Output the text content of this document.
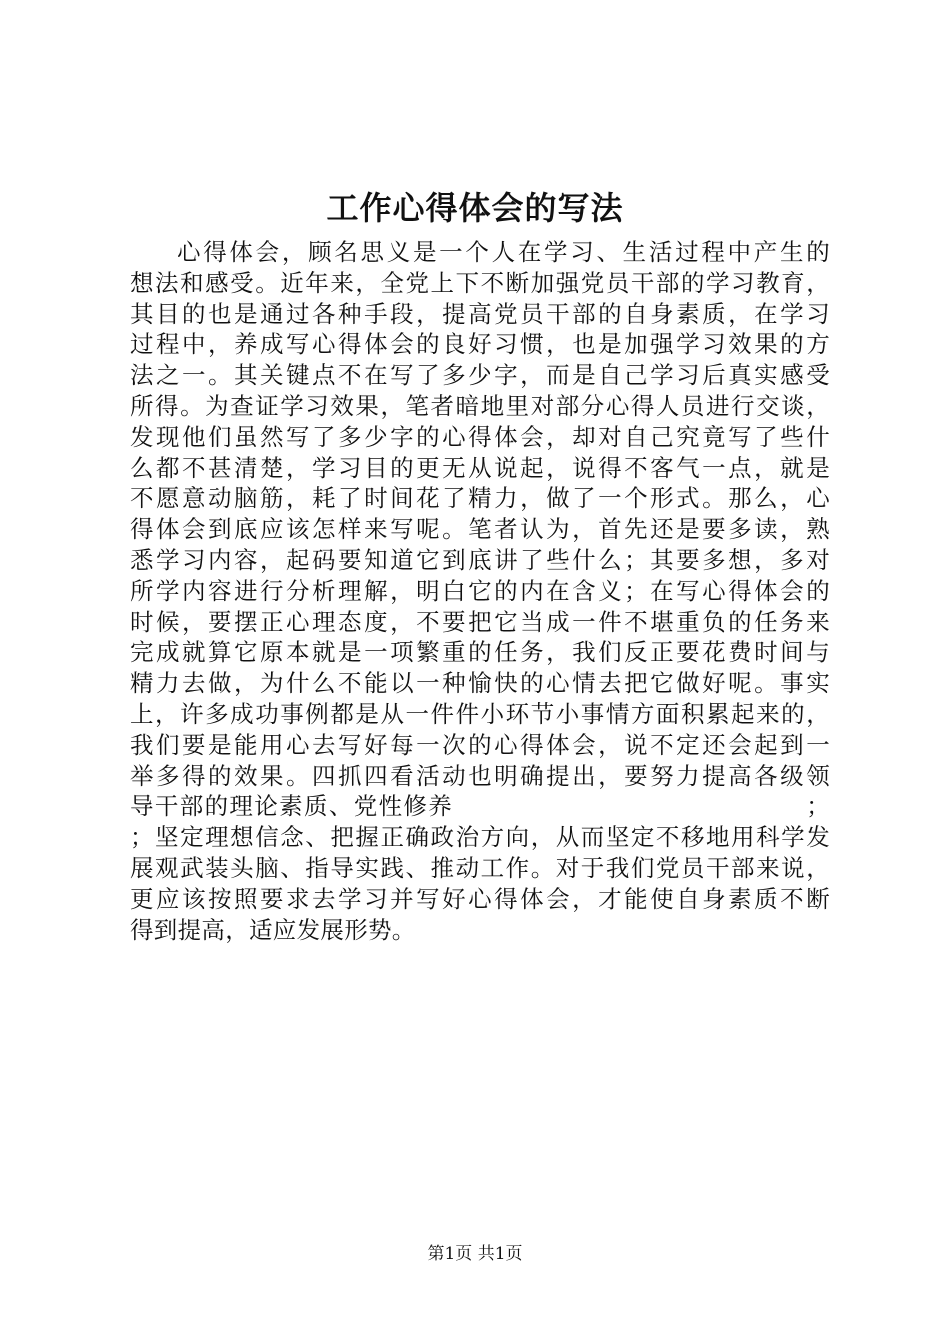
工作心得体会的写法
心得体会，顾名思义是一个人在学习、生活过程中产生的
想法和感受。近年来，全党上下不断加强党员干部的学习教育，
其目的也是通过各种手段，提高党员干部的自身素质，在学习
过程中，养成写心得体会的良好习惯，也是加强学习效果的方
法之一。其关键点不在写了多少字，而是自己学习后真实感受
所得。为查证学习效果，笔者暗地里对部分心得人员进行交谈，
发现他们虽然写了多少字的心得体会，却对自己究竟写了些什
么都不甚清楚，学习目的更无从说起，说得不客气一点，就是
不愿意动脑筋，耗了时间花了精力，做了一个形式。那么，心
得体会到底应该怎样来写呢。笔者认为，首先还是要多读，熟
悉学习内容，起码要知道它到底讲了些什么；其要多想，多对
所学内容进行分析理解，明白它的内在含义；在写心得体会的
时候，要摆正心理态度，不要把它当成一件不堪重负的任务来
完成就算它原本就是一项繁重的任务，我们反正要花费时间与
精力去做，为什么不能以一种愉快的心情去把它做好呢。事实
上，许多成功事例都是从一件件小环节小事情方面积累起来的，
我们要是能用心去写好每一次的心得体会，说不定还会起到一
举多得的效果。四抓四看活动也明确提出，要努力提高各级领
导干部的理论素质、党性修养                                        ；
；坚定理想信念、把握正确政治方向，从而坚定不移地用科学发
展观武装头脑、指导实践、推动工作。对于我们党员干部来说，
更应该按照要求去学习并写好心得体会，才能使自身素质不断
得到提高，适应发展形势。
第1页 共1页
